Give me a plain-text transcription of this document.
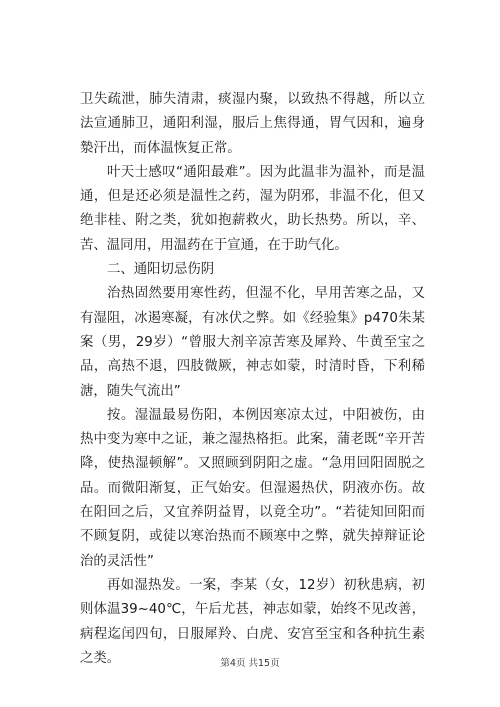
卫失疏泄，肺失清肃，痰湿内聚，以致热不得越，所以立法宣通肺卫，通阳利湿，服后上焦得通，胃气因和，遍身漐汗出，而体温恢复正常。

叶天士感叹“通阳最难”。因为此温非为温补，而是温通，但是还必须是温性之药，湿为阴邪，非温不化，但又绝非桂、附之类，犹如抱薪救火，助长热势。所以，辛、苦、温同用，用温药在于宣通，在于助气化。

二、通阳切忌伤阴

治热固然要用寒性药，但湿不化，早用苦寒之品，又有湿阻，冰遏寒凝，有冰伏之弊。如《经验集》p470朱某案（男，29岁）“曾服大剂辛凉苦寒及犀羚、牛黄至宝之品，高热不退，四肢微厥，神志如蒙，时清时昏，下利稀溏，随失气流出”

按。湿温最易伤阳，本例因寒凉太过，中阳被伤，由热中变为寒中之证，兼之湿热格拒。此案，蒲老既“辛开苦降，使热湿顿解”。又照顾到阴阳之虚。“急用回阳固脱之品。而微阳渐复，正气始安。但湿遏热伏，阴液亦伤。故在阳回之后，又宜养阴益胃，以竟全功”。“若徒知回阳而不顾复阴，或徒以寒治热而不顾寒中之弊，就失掉辩证论治的灵活性”

再如湿热发。一案，李某（女，12岁）初秋患病，初则体温39~40℃，午后尤甚，神志如蒙，始终不见改善，病程迄闰四旬，日服犀羚、白虎、安宫至宝和各种抗生素之类。	第4页 共15页
